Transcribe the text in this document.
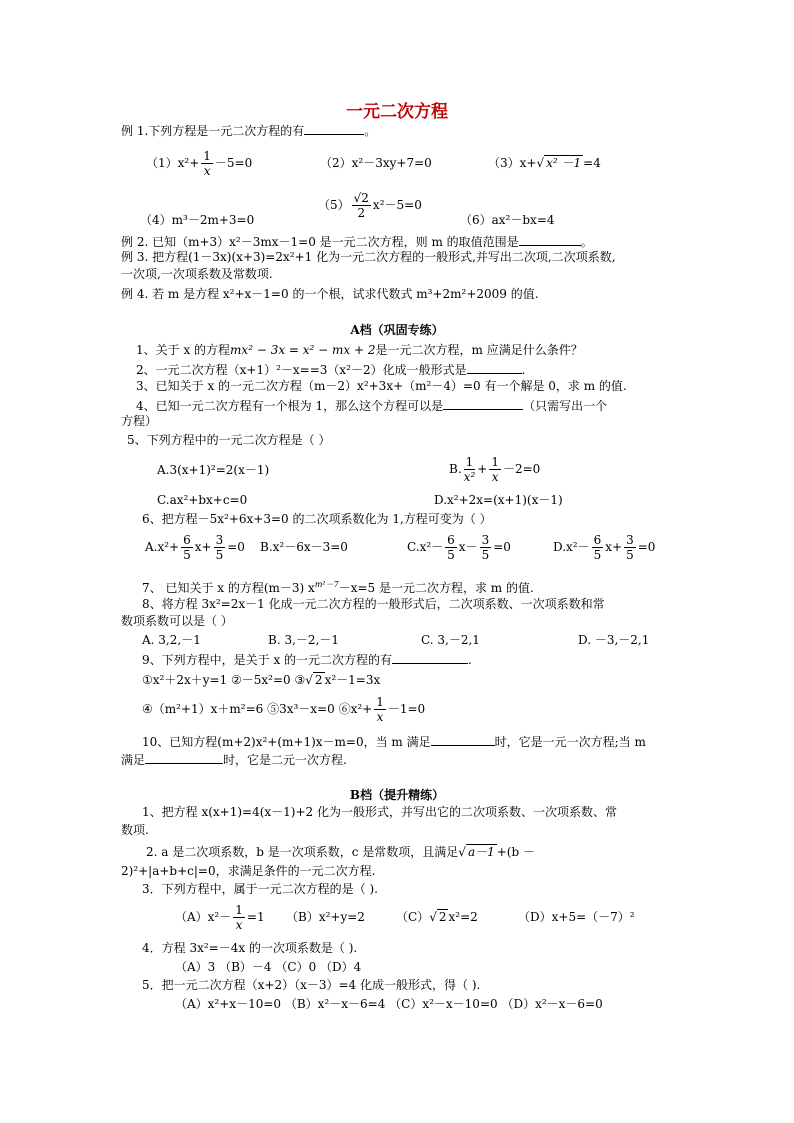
一元二次方程
例 1.下列方程是一元二次方程的有	。
$(1)x^2+ \frac{1}{x} -5=0$	（2）x²－3xy+7=0	（3）x+√ x² －1 =4
（4）m³－2m+3=0
$(5) \frac{√2}{2} x^2-5=0$
（6）ax²－bx=4
例 2. 已知（m+3）x²－3mx－1=0 是一元二次方程，则 m 的取值范围是	。
例 3. 把方程(1－3x)(x+3)=2x²+1 化为一元二次方程的一般形式,并写出二次项,二次项系数,
一次项,一次项系数及常数项.
例 4. 若 m 是方程 x²+x－1=0 的一个根，试求代数式 m³+2m²+2009 的值.
A档（巩固专练）
1、关于 x 的方程mx² − 3x = x² − mx + 2是一元二次方程，m 应满足什么条件？
2、一元二次方程（x+1）²－x==3（x²－2）化成一般形式是	.
3、已知关于 x 的一元二次方程（m－2）x²+3x+（m²－4）=0 有一个解是 0，求 m 的值.
4、已知一元二次方程有一个根为 1，那么这个方程可以是	（只需写出一个
方程）
5、下列方程中的一元二次方程是（ ）
A.3(x+1)²=2(x－1)	B. $\frac{1}{\text{x²}} + \frac{1}{x} -2=0$
C.ax²+bx+c=0	D.x²+2x=(x+1)(x－1)
6、把方程－5x²+6x+3=0 的二次项系数化为 1,方程可变为（ ）
$A.x^2+ \frac{6}{5} x+ \frac{3}{5} =0$ B.x²－6x－3=0	$C.x^2- \frac{6}{5} x- \frac{3}{5} =0$	$D.x^2- \frac{6}{5} x+ \frac{3}{5} =0$
7、 已知关于 x 的方程(m－3) $x^{m^2-7}-x=5$ 是一元二次方程，求 m 的值.
8、将方程 3x²=2x－1 化成一元二次方程的一般形式后，二次项系数、一次项系数和常
数项系数可以是（ ）
A. 3,2,－1	B. 3,－2,－1	C. 3,－2,1	D. －3,－2,1
9、下列方程中，是关于 x 的一元二次方程的有	.
①x²＋2x＋y=1 ②－5x²=0 ③√ 2 x²－1=3x
④（m²+1）x＋m²=6 ⑤3x³－x=0 ⑥x²+ $\frac{1}{x} -1=0$
10、已知方程(m+2)x²+(m+1)x－m=0，当 m 满足	时，它是一元一次方程;当 m
满足	时，它是二元一次方程.
B档（提升精练）
1、把方程 x(x+1)=4(x－1)+2 化为一般形式，并写出它的二次项系数、一次项系数、常
数项.
2. a 是二次项系数，b 是一次项系数，c 是常数项，且满足√ a－1 +(b －
2)²+|a+b+c|=0，求满足条件的一元二次方程.
3．下列方程中，属于一元二次方程的是（ ).
$(A)x^2- \frac{1}{x} =1$ （B）x²+y=2	（C）√ 2 x²=2	（D）x+5=（－7）²
4．方程 3x²=－4x 的一次项系数是（ ).
（A）3 （B）－4 （C）0 （D）4
5．把一元二次方程（x+2）（x－3）=4 化成一般形式，得（ ).
（A）x²+x－10=0 （B）x²－x－6=4 （C）x²－x－10=0 （D）x²－x－6=0
